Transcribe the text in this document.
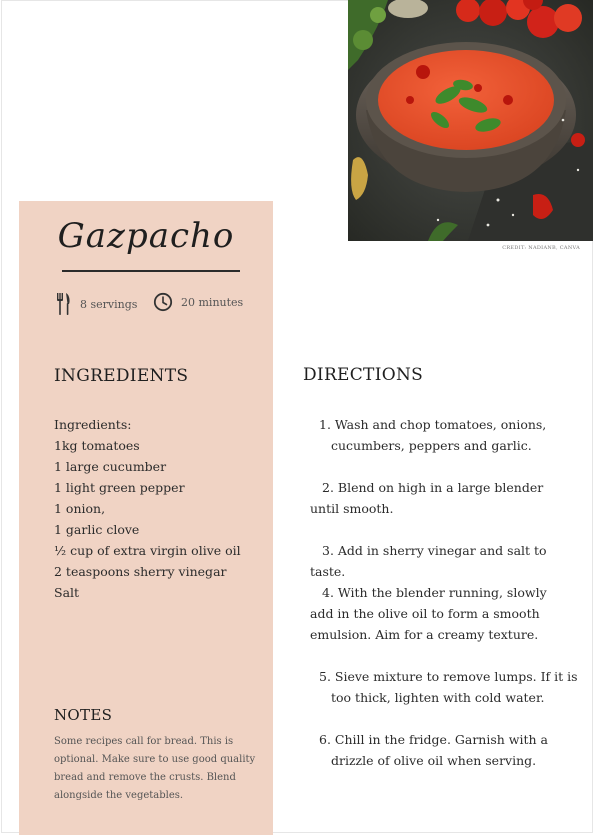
Gazpacho
8 servings	20 minutes
INGREDIENTS
Ingredients:
1kg tomatoes
1 large cucumber
1 light green pepper
1 onion,
1 garlic clove
½ cup of extra virgin olive oil
2 teaspoons sherry vinegar
Salt
NOTES
Some recipes call for bread. This is optional. Make sure to use good quality bread and remove the crusts. Blend alongside the vegetables.
CREDIT: NADIANB, CANVA
DIRECTIONS
1. Wash and chop tomatoes, onions, cucumbers, peppers and garlic.
2. Blend on high in a large blender until smooth.
3. Add in sherry vinegar and salt to taste.
4. With the blender running, slowly add in the olive oil to form a smooth emulsion. Aim for a creamy texture.
5. Sieve mixture to remove lumps. If it is too thick, lighten with cold water.
6. Chill in the fridge. Garnish with a drizzle of olive oil when serving.
